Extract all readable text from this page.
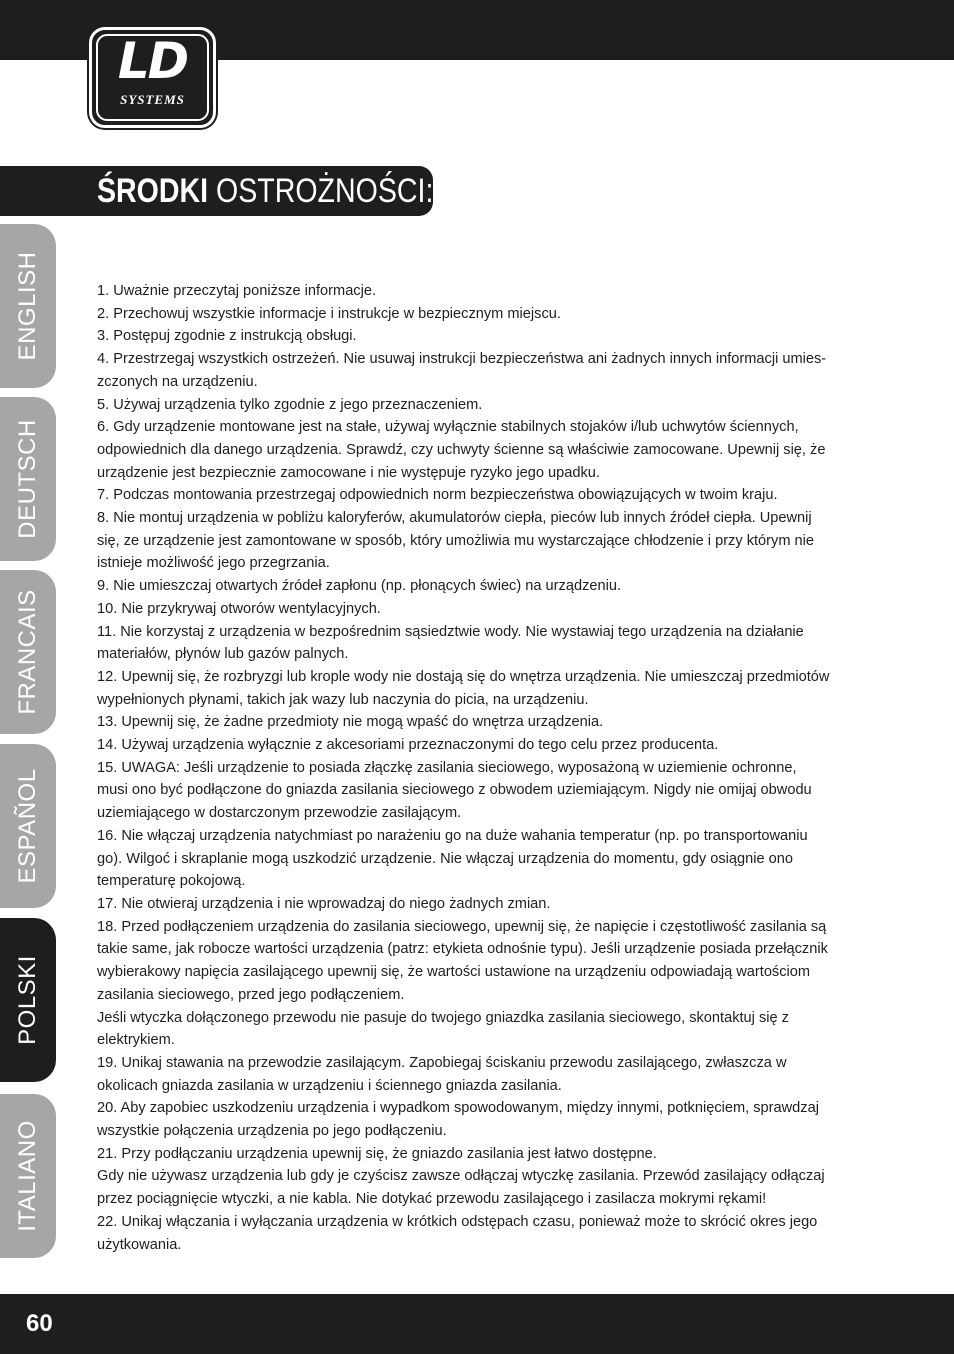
LD
SYSTEMS
ŚRODKI OSTROŻNOŚCI:
ENGLISH
DEUTSCH
FRANCAIS
ESPAÑOL
POLSKI
ITALIANO

1. Uważnie przeczytaj poniższe informacje.

2. Przechowuj wszystkie informacje i instrukcje w bezpiecznym miejscu.

3. Postępuj zgodnie z instrukcją obsługi.

4. Przestrzegaj wszystkich ostrzeżeń. Nie usuwaj instrukcji bezpieczeństwa ani żadnych innych informacji umies-

zczonych na urządzeniu.

5. Używaj urządzenia tylko zgodnie z jego przeznaczeniem.

6. Gdy urządzenie montowane jest na stałe, używaj wyłącznie stabilnych stojaków i/lub uchwytów ściennych,

odpowiednich dla danego urządzenia. Sprawdź, czy uchwyty ścienne są właściwie zamocowane. Upewnij się, że

urządzenie jest bezpiecznie zamocowane i nie występuje ryzyko jego upadku.

7. Podczas montowania przestrzegaj odpowiednich norm bezpieczeństwa obowiązujących w twoim kraju.

8. Nie montuj urządzenia w pobliżu kaloryferów, akumulatorów ciepła, pieców lub innych źródeł ciepła. Upewnij

się, ze urządzenie jest zamontowane w sposób, który umożliwia mu wystarczające chłodzenie i przy którym nie

istnieje możliwość jego przegrzania.

9. Nie umieszczaj otwartych źródeł zapłonu (np. płonących świec) na urządzeniu.

10. Nie przykrywaj otworów wentylacyjnych.

11. Nie korzystaj z urządzenia w bezpośrednim sąsiedztwie wody. Nie wystawiaj tego urządzenia na działanie

materiałów, płynów lub gazów palnych.

12. Upewnij się, że rozbryzgi lub krople wody nie dostają się do wnętrza urządzenia. Nie umieszczaj przedmiotów

wypełnionych płynami, takich jak wazy lub naczynia do picia, na urządzeniu.

13. Upewnij się, że żadne przedmioty nie mogą wpaść do wnętrza urządzenia.

14. Używaj urządzenia wyłącznie z akcesoriami przeznaczonymi do tego celu przez producenta.

15. UWAGA: Jeśli urządzenie to posiada złączkę zasilania sieciowego, wyposażoną w uziemienie ochronne,

musi ono być podłączone do gniazda zasilania sieciowego z obwodem uziemiającym. Nigdy nie omijaj obwodu

uziemiającego w dostarczonym przewodzie zasilającym.

16. Nie włączaj urządzenia natychmiast po narażeniu go na duże wahania temperatur (np. po transportowaniu

go). Wilgoć i skraplanie mogą uszkodzić urządzenie. Nie włączaj urządzenia do momentu, gdy osiągnie ono

temperaturę pokojową.

17. Nie otwieraj urządzenia i nie wprowadzaj do niego żadnych zmian.

18. Przed podłączeniem urządzenia do zasilania sieciowego, upewnij się, że napięcie i częstotliwość zasilania są

takie same, jak robocze wartości urządzenia (patrz: etykieta odnośnie typu). Jeśli urządzenie posiada przełącznik

wybierakowy napięcia zasilającego upewnij się, że wartości ustawione na urządzeniu odpowiadają wartościom

zasilania sieciowego, przed jego podłączeniem.

Jeśli wtyczka dołączonego przewodu nie pasuje do twojego gniazdka zasilania sieciowego, skontaktuj się z

elektrykiem.

19. Unikaj stawania na przewodzie zasilającym. Zapobiegaj ściskaniu przewodu zasilającego, zwłaszcza w

okolicach gniazda zasilania w urządzeniu i ściennego gniazda zasilania.

20. Aby zapobiec uszkodzeniu urządzenia i wypadkom spowodowanym, między innymi, potknięciem, sprawdzaj

wszystkie połączenia urządzenia po jego podłączeniu.

21. Przy podłączaniu urządzenia upewnij się, że gniazdo zasilania jest łatwo dostępne.

Gdy nie używasz urządzenia lub gdy je czyścisz zawsze odłączaj wtyczkę zasilania. Przewód zasilający odłączaj

przez pociągnięcie wtyczki, a nie kabla. Nie dotykać przewodu zasilającego i zasilacza mokrymi rękami!

22. Unikaj włączania i wyłączania urządzenia w krótkich odstępach czasu, ponieważ może to skrócić okres jego

użytkowania.

60
